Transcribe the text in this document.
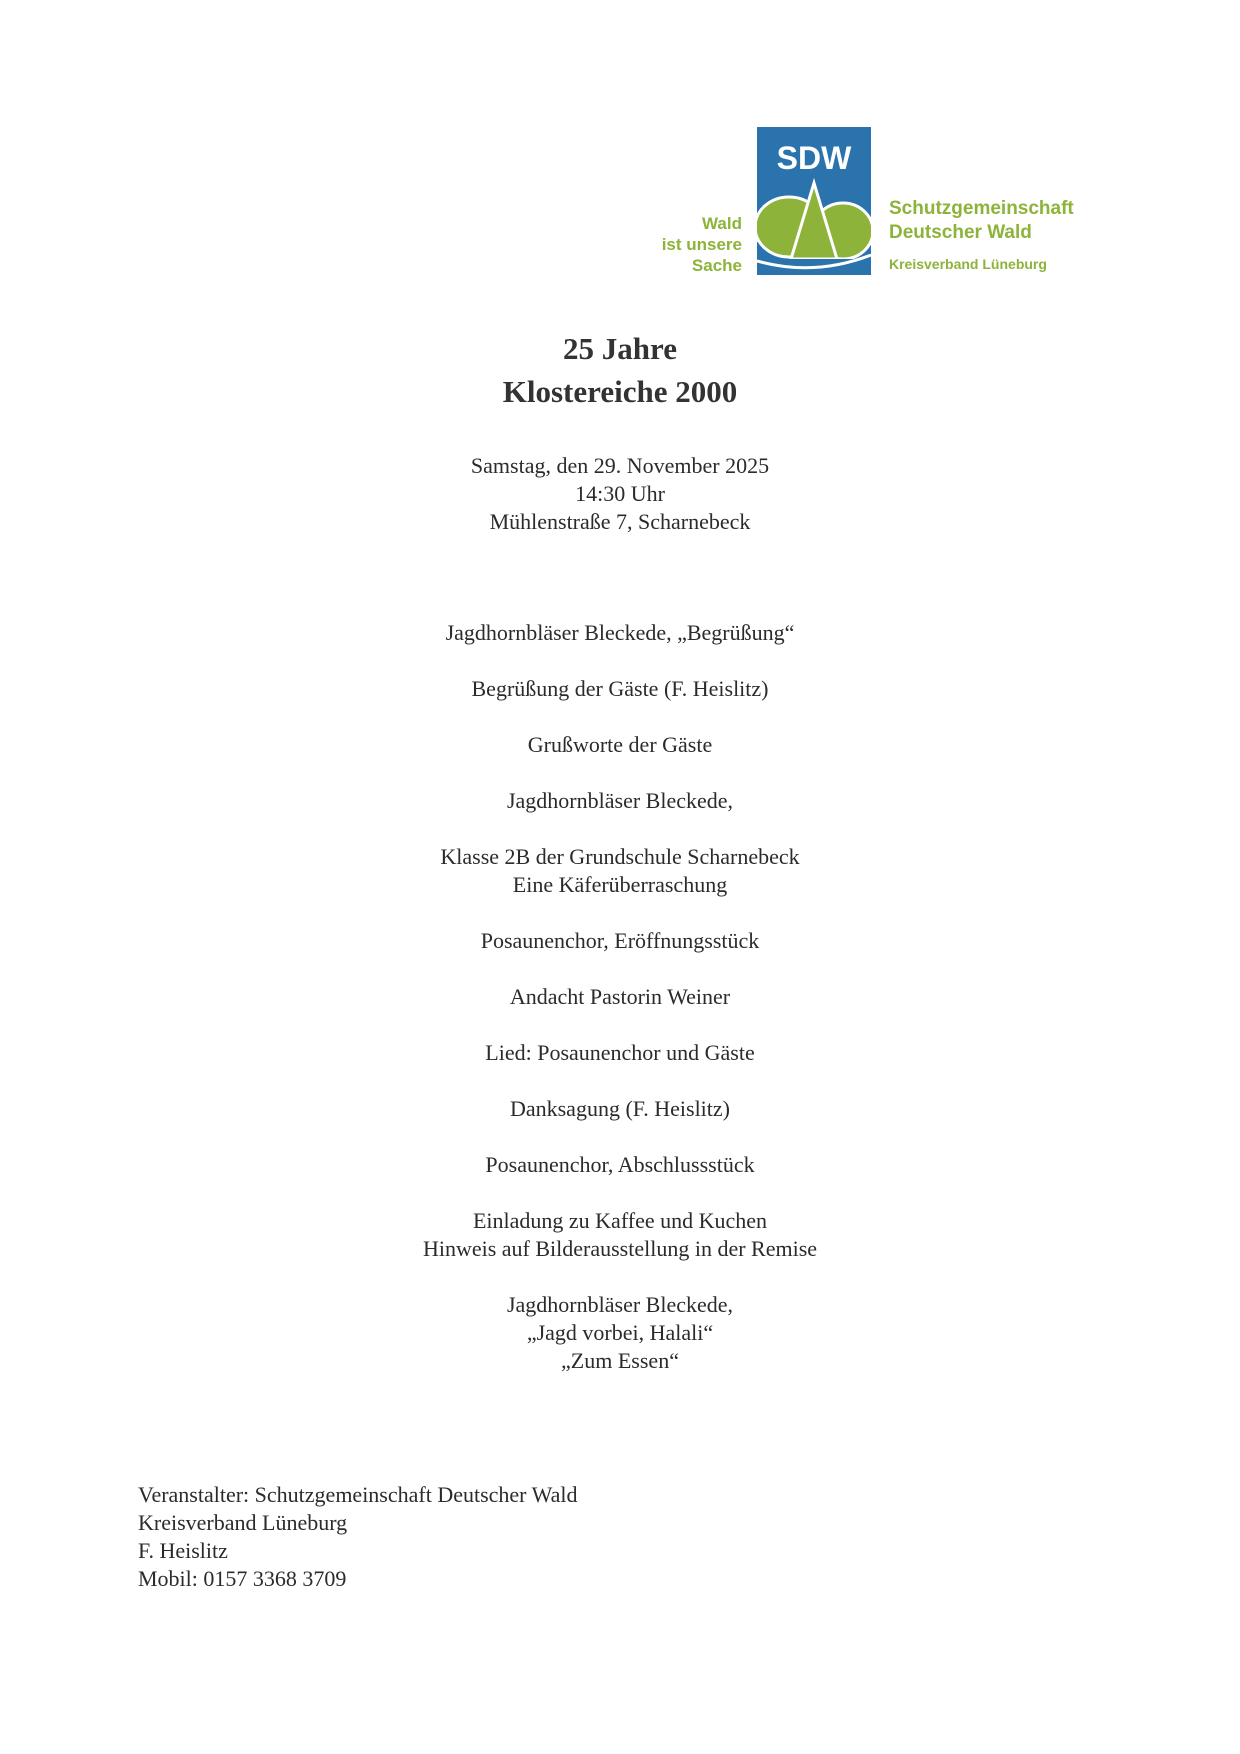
Wald
ist unsere
Sache
SDW
Schutzgemeinschaft
Deutscher Wald
Kreisverband Lüneburg
25 Jahre
Klostereiche 2000
Samstag, den 29. November 2025
14:30 Uhr
Mühlenstraße 7, Scharnebeck
Jagdhornbläser Bleckede, „Begrüßung“
Begrüßung der Gäste (F. Heislitz)
Grußworte der Gäste
Jagdhornbläser Bleckede,
Klasse 2B der Grundschule Scharnebeck
Eine Käferüberraschung
Posaunenchor, Eröffnungsstück
Andacht Pastorin Weiner
Lied: Posaunenchor und Gäste
Danksagung (F. Heislitz)
Posaunenchor, Abschlussstück
Einladung zu Kaffee und Kuchen
Hinweis auf Bilderausstellung in der Remise
Jagdhornbläser Bleckede,
„Jagd vorbei, Halali“
„Zum Essen“
Veranstalter: Schutzgemeinschaft Deutscher Wald
Kreisverband Lüneburg
F. Heislitz
Mobil: 0157 3368 3709
